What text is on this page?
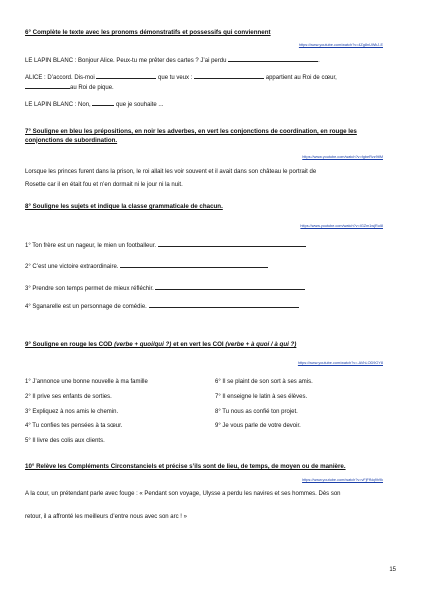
6° Complète le texte avec les pronoms démonstratifs et possessifs qui conviennent
https://www.youtube.com/watch?v=4Zg8nUWkJ-E
LE LAPIN BLANC : Bonjour Alice. Peux-tu me prêter des cartes ? J’ai perdu	.
ALICE : D’accord. Dis-moi	que tu veux :	appartient au Roi de cœur,
au Roi de pique.
LE LAPIN BLANC : Non,	que je souhaite ...
7° Souligne en bleu les prépositions, en noir les adverbes, en vert les conjonctions de coordination, en rouge les
conjonctions de subordination.
https://www.youtube.com/watch?v=fgbeRvz9tIM
Lorsque les princes furent dans la prison, le roi allait les voir souvent et il avait dans son château le portrait de
Rosette car il en était fou et n’en dormait ni le jour ni la nuit.
8° Souligne les sujets et indique la classe grammaticale de chacun.
https://www.youtube.com/watch?v=IGZm1wjRuI8
1° Ton frère est un nageur, le mien un footballeur.
2° C’est une victoire extraordinaire.
3° Prendre son temps permet de mieux réfléchir.
4° Sganarelle est un personnage de comédie.
9° Souligne en rouge les COD (verbe + quoi/qui ?) et en vert les COI (verbe + à quoi / à qui ?)
https://www.youtube.com/watch?v=-AVhLOD9OY8
1° J’annonce une bonne nouvelle à ma famille
2° Il prive ses enfants de sorties.
3° Expliquez à nos amis le chemin.
4° Tu confies tes pensées à ta sœur.
5° Il livre des colis aux clients.
6° Il se plaint de son sort à ses amis.
7° Il enseigne le latin à ses élèves.
8° Tu nous as confié ton projet.
9° Je vous parle de votre devoir.
10° Relève les Compléments Circonstanciels et précise s’ils sont de lieu, de temps, de moyen ou de manière.
https://www.youtube.com/watch?v=vFjFfNq9h9k
A la cour, un prétendant parle avec fouge : « Pendant son voyage, Ulysse a perdu les navires et ses hommes. Dès son
retour, il a affronté les meilleurs d’entre nous avec son arc ! »
15
